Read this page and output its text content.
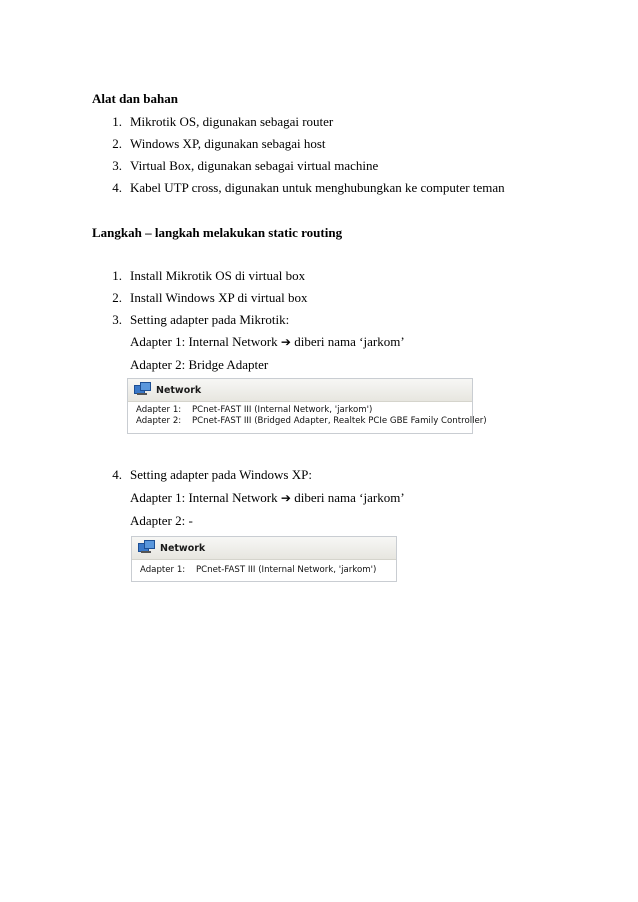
Alat dan bahan
1. Mikrotik OS, digunakan sebagai router
2. Windows XP, digunakan sebagai host
3. Virtual Box, digunakan sebagai virtual machine
4. Kabel UTP cross, digunakan untuk menghubungkan ke computer teman
Langkah – langkah melakukan static routing
1. Install Mikrotik OS di virtual box
2. Install Windows XP di virtual box
3. Setting adapter pada Mikrotik:
Adapter 1: Internal Network ➔ diberi nama ‘jarkom’
Adapter 2: Bridge Adapter
Network
Adapter 1: PCnet-FAST III (Internal Network, 'jarkom')
Adapter 2: PCnet-FAST III (Bridged Adapter, Realtek PCIe GBE Family Controller)
4. Setting adapter pada Windows XP:
Adapter 1: Internal Network ➔ diberi nama ‘jarkom’
Adapter 2: -
Network
Adapter 1: PCnet-FAST III (Internal Network, 'jarkom')
